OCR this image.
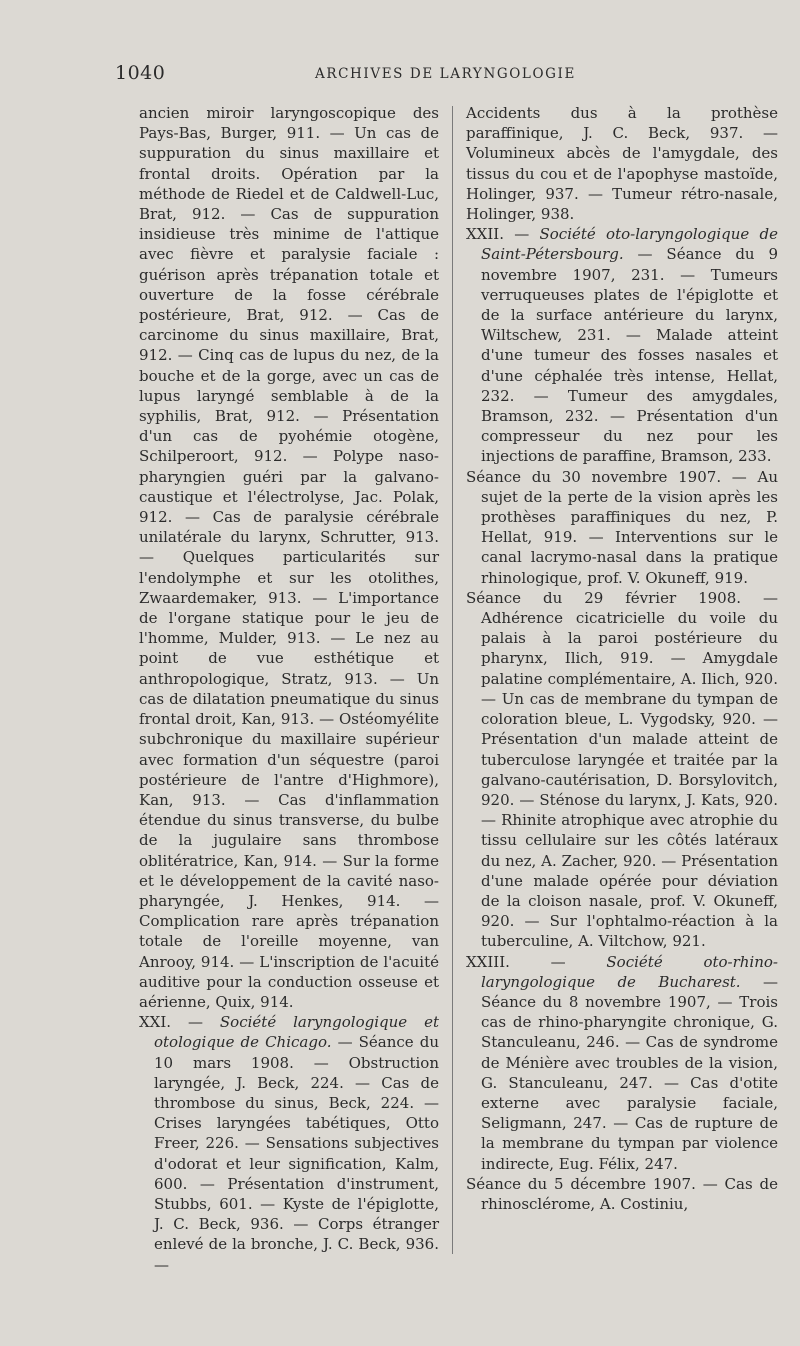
1040	ARCHIVES DE LARYNGOLOGIE

ancien miroir laryngoscopique des Pays-Bas, Burger, 911. — Un cas de suppuration du sinus maxillaire et frontal droits. Opération par la méthode de Riedel et de Caldwell-Luc, Brat, 912. — Cas de suppuration insidieuse très minime de l'attique avec fièvre et paralysie faciale : guérison après trépanation totale et ouverture de la fosse cérébrale postérieure, Brat, 912. — Cas de carcinome du sinus maxillaire, Brat, 912. — Cinq cas de lupus du nez, de la bouche et de la gorge, avec un cas de lupus laryngé semblable à de la syphilis, Brat, 912. — Présentation d'un cas de pyohémie otogène, Schilperoort, 912. — Polype naso-pharyngien guéri par la galvano-caustique et l'électrolyse, Jac. Polak, 912. — Cas de paralysie cérébrale unilatérale du larynx, Schrutter, 913. — Quelques particularités sur l'endolymphe et sur les otolithes, Zwaardemaker, 913. — L'importance de l'organe statique pour le jeu de l'homme, Mulder, 913. — Le nez au point de vue esthétique et anthropologique, Stratz, 913. — Un cas de dilatation pneumatique du sinus frontal droit, Kan, 913. — Ostéomyélite subchronique du maxillaire supérieur avec formation d'un séquestre (paroi postérieure de l'antre d'Highmore), Kan, 913. — Cas d'inflammation étendue du sinus transverse, du bulbe de la jugulaire sans thrombose oblitératrice, Kan, 914. — Sur la forme et le développement de la cavité naso-pharyngée, J. Henkes, 914. — Complication rare après trépanation totale de l'oreille moyenne, van Anrooy, 914. — L'inscription de l'acuité auditive pour la conduction osseuse et aérienne, Quix, 914.

XXI. — Société laryngologique et otologique de Chicago. — Séance du 10 mars 1908. — Obstruction laryngée, J. Beck, 224. — Cas de thrombose du sinus, Beck, 224. — Crises laryngées tabétiques, Otto Freer, 226. — Sensations subjectives d'odorat et leur signification, Kalm, 600. — Présentation d'instrument, Stubbs, 601. — Kyste de l'épiglotte, J. C. Beck, 936. — Corps étranger enlevé de la bronche, J. C. Beck, 936. —

Accidents dus à la prothèse paraffinique, J. C. Beck, 937. — Volumineux abcès de l'amygdale, des tissus du cou et de l'apophyse mastoïde, Holinger, 937. — Tumeur rétro-nasale, Holinger, 938.

XXII. — Société oto-laryngologique de Saint-Pétersbourg. — Séance du 9 novembre 1907, 231. — Tumeurs verruqueuses plates de l'épiglotte et de la surface antérieure du larynx, Wiltschew, 231. — Malade atteint d'une tumeur des fosses nasales et d'une céphalée très intense, Hellat, 232. — Tumeur des amygdales, Bramson, 232. — Présentation d'un compresseur du nez pour les injections de paraffine, Bramson, 233.

Séance du 30 novembre 1907. — Au sujet de la perte de la vision après les prothèses paraffiniques du nez, P. Hellat, 919. — Interventions sur le canal lacrymo-nasal dans la pratique rhinologique, prof. V. Okuneff, 919.

Séance du 29 février 1908. — Adhérence cicatricielle du voile du palais à la paroi postérieure du pharynx, Ilich, 919. — Amygdale palatine complémentaire, A. Ilich, 920. — Un cas de membrane du tympan de coloration bleue, L. Vygodsky, 920. — Présentation d'un malade atteint de tuberculose laryngée et traitée par la galvano-cautérisation, D. Borsylovitch, 920. — Sténose du larynx, J. Kats, 920. — Rhinite atrophique avec atrophie du tissu cellulaire sur les côtés latéraux du nez, A. Zacher, 920. — Présentation d'une malade opérée pour déviation de la cloison nasale, prof. V. Okuneff, 920. — Sur l'ophtalmo-réaction à la tuberculine, A. Viltchow, 921.

XXIII. — Société oto-rhino-laryngologique de Bucharest. — Séance du 8 novembre 1907, — Trois cas de rhino-pharyngite chronique, G. Stanculeanu, 246. — Cas de syndrome de Ménière avec troubles de la vision, G. Stanculeanu, 247. — Cas d'otite externe avec paralysie faciale, Seligmann, 247. — Cas de rupture de la membrane du tympan par violence indirecte, Eug. Félix, 247.

Séance du 5 décembre 1907. — Cas de rhinosclérome, A. Costiniu,
